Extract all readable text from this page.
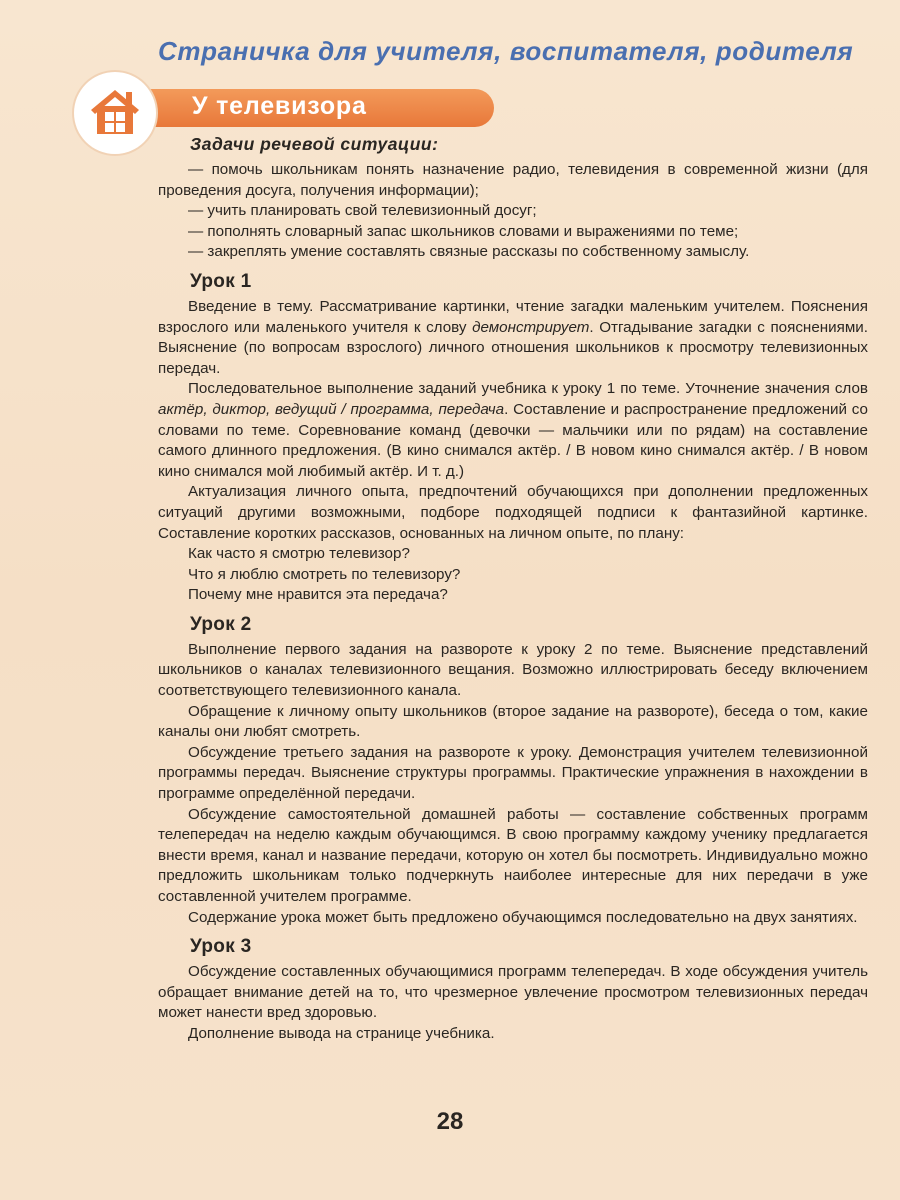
Страничка для учителя, воспитателя, родителя
У телевизора
Задачи речевой ситуации:

— помочь школьникам понять назначение радио, телевидения в современной жизни (для проведения досуга, получения информации);

— учить планировать свой телевизионный досуг;

— пополнять словарный запас школьников словами и выражениями по теме;

— закреплять умение составлять связные рассказы по собственному замыслу.

Урок 1

Введение в тему. Рассматривание картинки, чтение загадки маленьким учителем. Пояснения взрослого или маленького учителя к слову демонстрирует. Отгадывание загадки с пояснениями. Выяснение (по вопросам взрослого) личного отношения школьников к просмотру телевизионных передач.

Последовательное выполнение заданий учебника к уроку 1 по теме. Уточнение значения слов актёр, диктор, ведущий / программа, передача. Составление и распространение предложений со словами по теме. Соревнование команд (девочки — мальчики или по рядам) на составление самого длинного предложения. (В кино снимался актёр. / В новом кино снимался актёр. / В новом кино снимался мой любимый актёр. И т. д.)

Актуализация личного опыта, предпочтений обучающихся при дополнении предложенных ситуаций другими возможными, подборе подходящей подписи к фантазийной картинке. Составление коротких рассказов, основанных на личном опыте, по плану:

Как часто я смотрю телевизор?

Что я люблю смотреть по телевизору?

Почему мне нравится эта передача?

Урок 2

Выполнение первого задания на развороте к уроку 2 по теме. Выяснение представлений школьников о каналах телевизионного вещания. Возможно иллюстрировать беседу включением соответствующего телевизионного канала.

Обращение к личному опыту школьников (второе задание на развороте), беседа о том, какие каналы они любят смотреть.

Обсуждение третьего задания на развороте к уроку. Демонстрация учителем телевизионной программы передач. Выяснение структуры программы. Практические упражнения в нахождении в программе определённой передачи.

Обсуждение самостоятельной домашней работы — составление собственных программ телепередач на неделю каждым обучающимся. В свою программу каждому ученику предлагается внести время, канал и название передачи, которую он хотел бы посмотреть. Индивидуально можно предложить школьникам только подчеркнуть наиболее интересные для них передачи в уже составленной учителем программе.

Содержание урока может быть предложено обучающимся последовательно на двух занятиях.

Урок 3

Обсуждение составленных обучающимися программ телепередач. В ходе обсуждения учитель обращает внимание детей на то, что чрезмерное увлечение просмотром телевизионных передач может нанести вред здоровью.

Дополнение вывода на странице учебника.

28
